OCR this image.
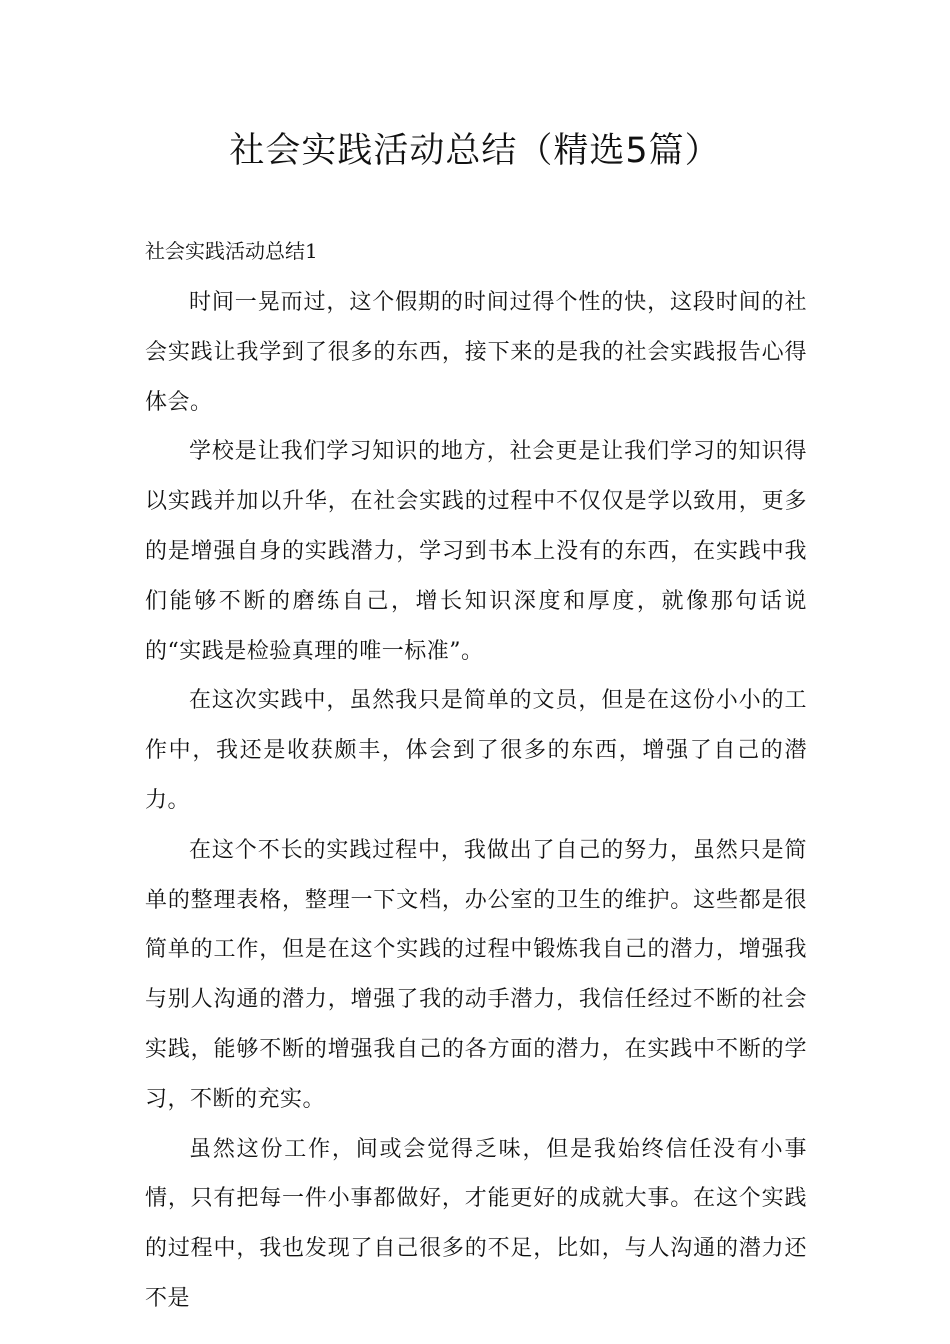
社会实践活动总结（精选5篇）
社会实践活动总结1

时间一晃而过，这个假期的时间过得个性的快，这段时间的社会实践让我学到了很多的东西，接下来的是我的社会实践报告心得体会。

学校是让我们学习知识的地方，社会更是让我们学习的知识得以实践并加以升华，在社会实践的过程中不仅仅是学以致用，更多的是增强自身的实践潜力，学习到书本上没有的东西，在实践中我们能够不断的磨练自己，增长知识深度和厚度，就像那句话说的“实践是检验真理的唯一标准”。

在这次实践中，虽然我只是简单的文员，但是在这份小小的工作中，我还是收获颇丰，体会到了很多的东西，增强了自己的潜力。

在这个不长的实践过程中，我做出了自己的努力，虽然只是简单的整理表格，整理一下文档，办公室的卫生的维护。这些都是很简单的工作，但是在这个实践的过程中锻炼我自己的潜力，增强我与别人沟通的潜力，增强了我的动手潜力，我信任经过不断的社会实践，能够不断的增强我自己的各方面的潜力，在实践中不断的学习，不断的充实。

虽然这份工作，间或会觉得乏味，但是我始终信任没有小事情，只有把每一件小事都做好，才能更好的成就大事。在这个实践的过程中，我也发现了自己很多的不足，比如，与人沟通的潜力还不是
